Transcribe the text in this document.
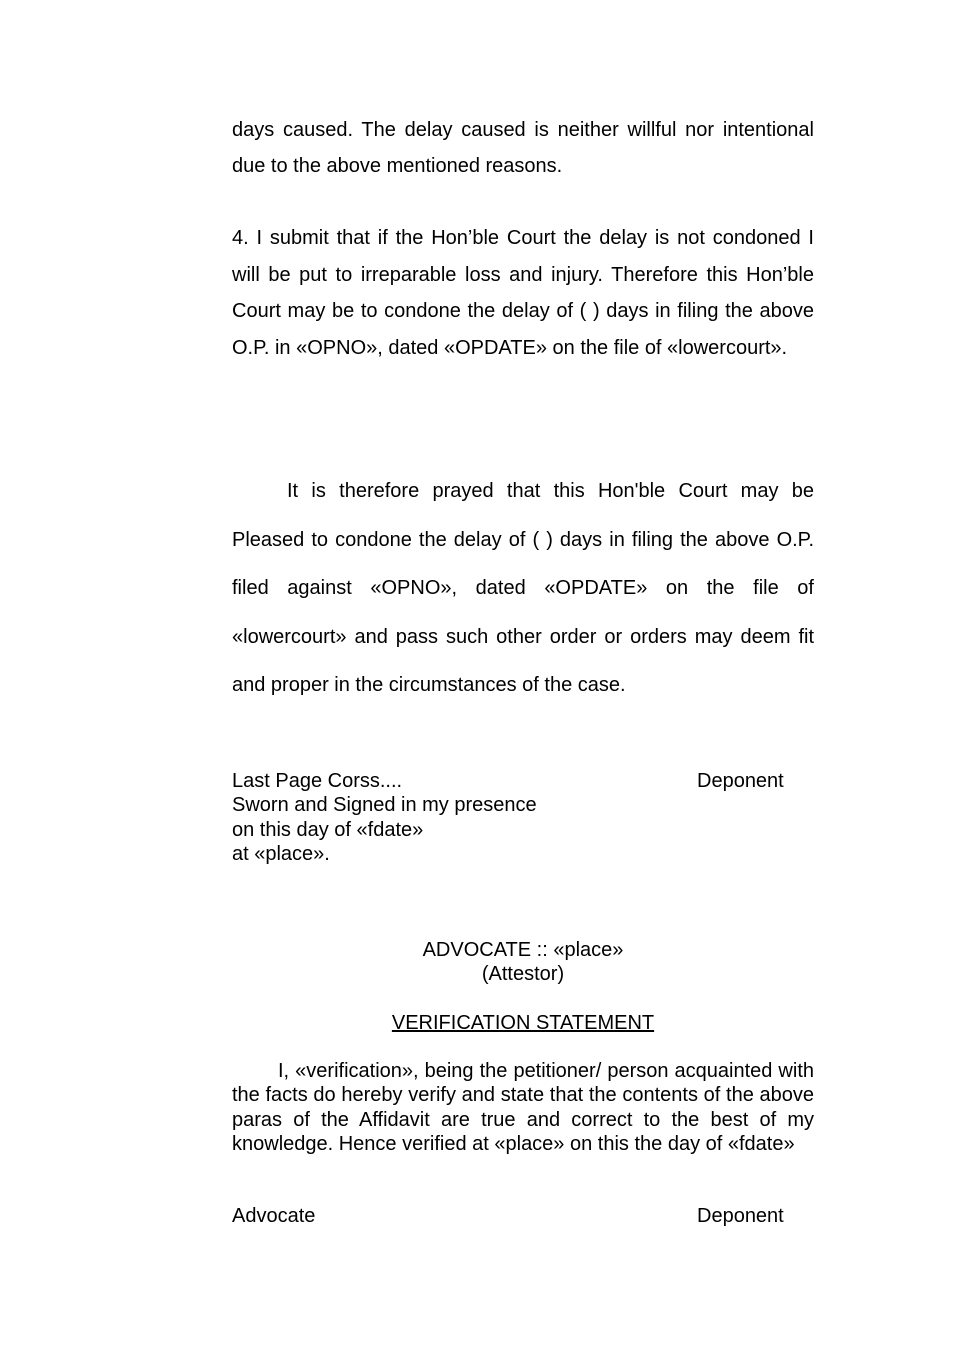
days caused. The delay caused is neither willful nor intentional due to the above mentioned reasons.

4. I submit that if the Hon’ble Court the delay is not condoned I will be put to irreparable loss and injury. Therefore this Hon’ble Court may be to condone the delay of ( ) days in filing the above O.P. in «OPNO», dated «OPDATE» on the file of «lowercourt».

It is therefore prayed that this Hon'ble Court may be Pleased to condone the delay of ( ) days in filing the above O.P. filed against «OPNO», dated «OPDATE» on the file of «lowercourt» and pass such other order or orders may deem fit and proper in the circumstances of the case.

Last Page Corss....	Deponent

Sworn and Signed in my presence

on this day of «fdate»

at «place».

ADVOCATE :: «place»

(Attestor)

VERIFICATION STATEMENT

I, «verification», being the petitioner/ person acquainted with the facts do hereby verify and state that the contents of the above paras of the Affidavit are true and correct to the best of my knowledge. Hence verified at «place» on this the day of «fdate»

Advocate	Deponent
